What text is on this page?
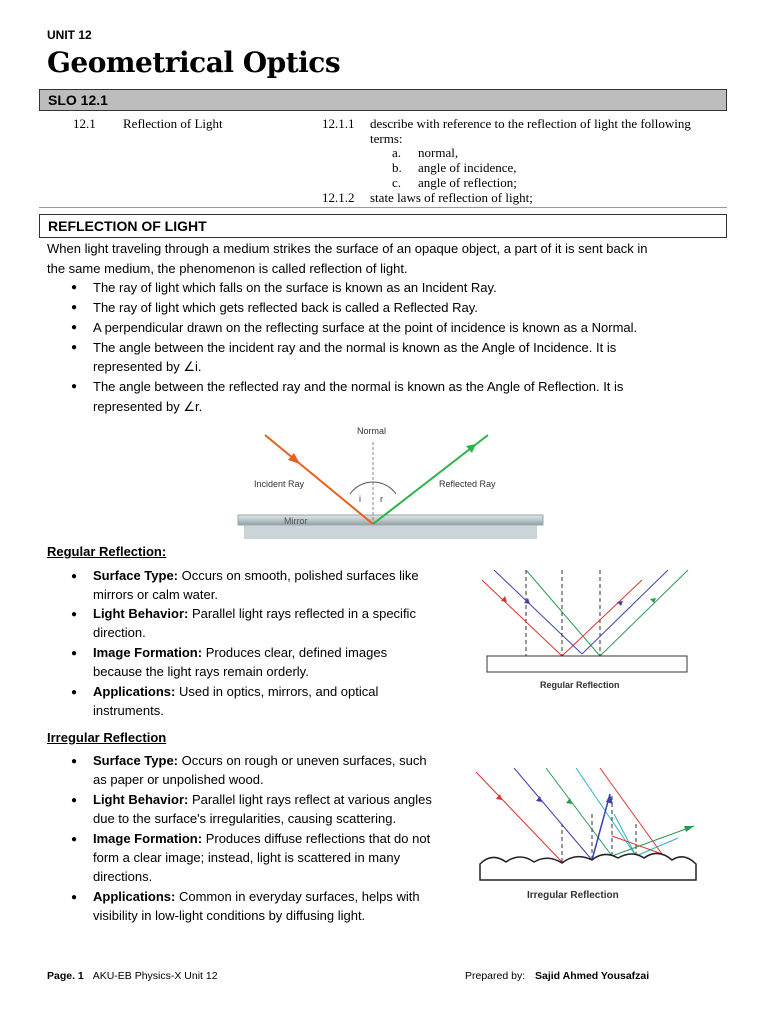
UNIT 12
Geometrical Optics
SLO 12.1
12.1 Reflection of Light	12.1.1 describe with reference to the reflection of light the following terms:
a. normal,
b. angle of incidence,
c. angle of reflection;
12.1.2 state laws of reflection of light;
REFLECTION OF LIGHT
When light traveling through a medium strikes the surface of an opaque object, a part of it is sent back in
the same medium, the phenomenon is called reflection of light.
● The ray of light which falls on the surface is known as an Incident Ray.
● The ray of light which gets reflected back is called a Reflected Ray.
● A perpendicular drawn on the reflecting surface at the point of incidence is known as a Normal.
● The angle between the incident ray and the normal is known as the Angle of Incidence. It is
represented by ∠i.
● The angle between the reflected ray and the normal is known as the Angle of Reflection. It is
represented by ∠r.
Normal
Incident Ray	Reflected Ray
i r
Mirror
Regular Reflection:
● Surface Type: Occurs on smooth, polished surfaces like
mirrors or calm water.
● Light Behavior: Parallel light rays reflected in a specific
direction.
● Image Formation: Produces clear, defined images
because the light rays remain orderly.
● Applications: Used in optics, mirrors, and optical
instruments.
Regular Reflection
Irregular Reflection
● Surface Type: Occurs on rough or uneven surfaces, such
as paper or unpolished wood.
● Light Behavior: Parallel light rays reflect at various angles
due to the surface's irregularities, causing scattering.
● Image Formation: Produces diffuse reflections that do not
form a clear image; instead, light is scattered in many
directions.
● Applications: Common in everyday surfaces, helps with
visibility in low-light conditions by diffusing light.
Irregular Reflection
Page. 1 AKU-EB Physics-X Unit 12	Prepared by: Sajid Ahmed Yousafzai
